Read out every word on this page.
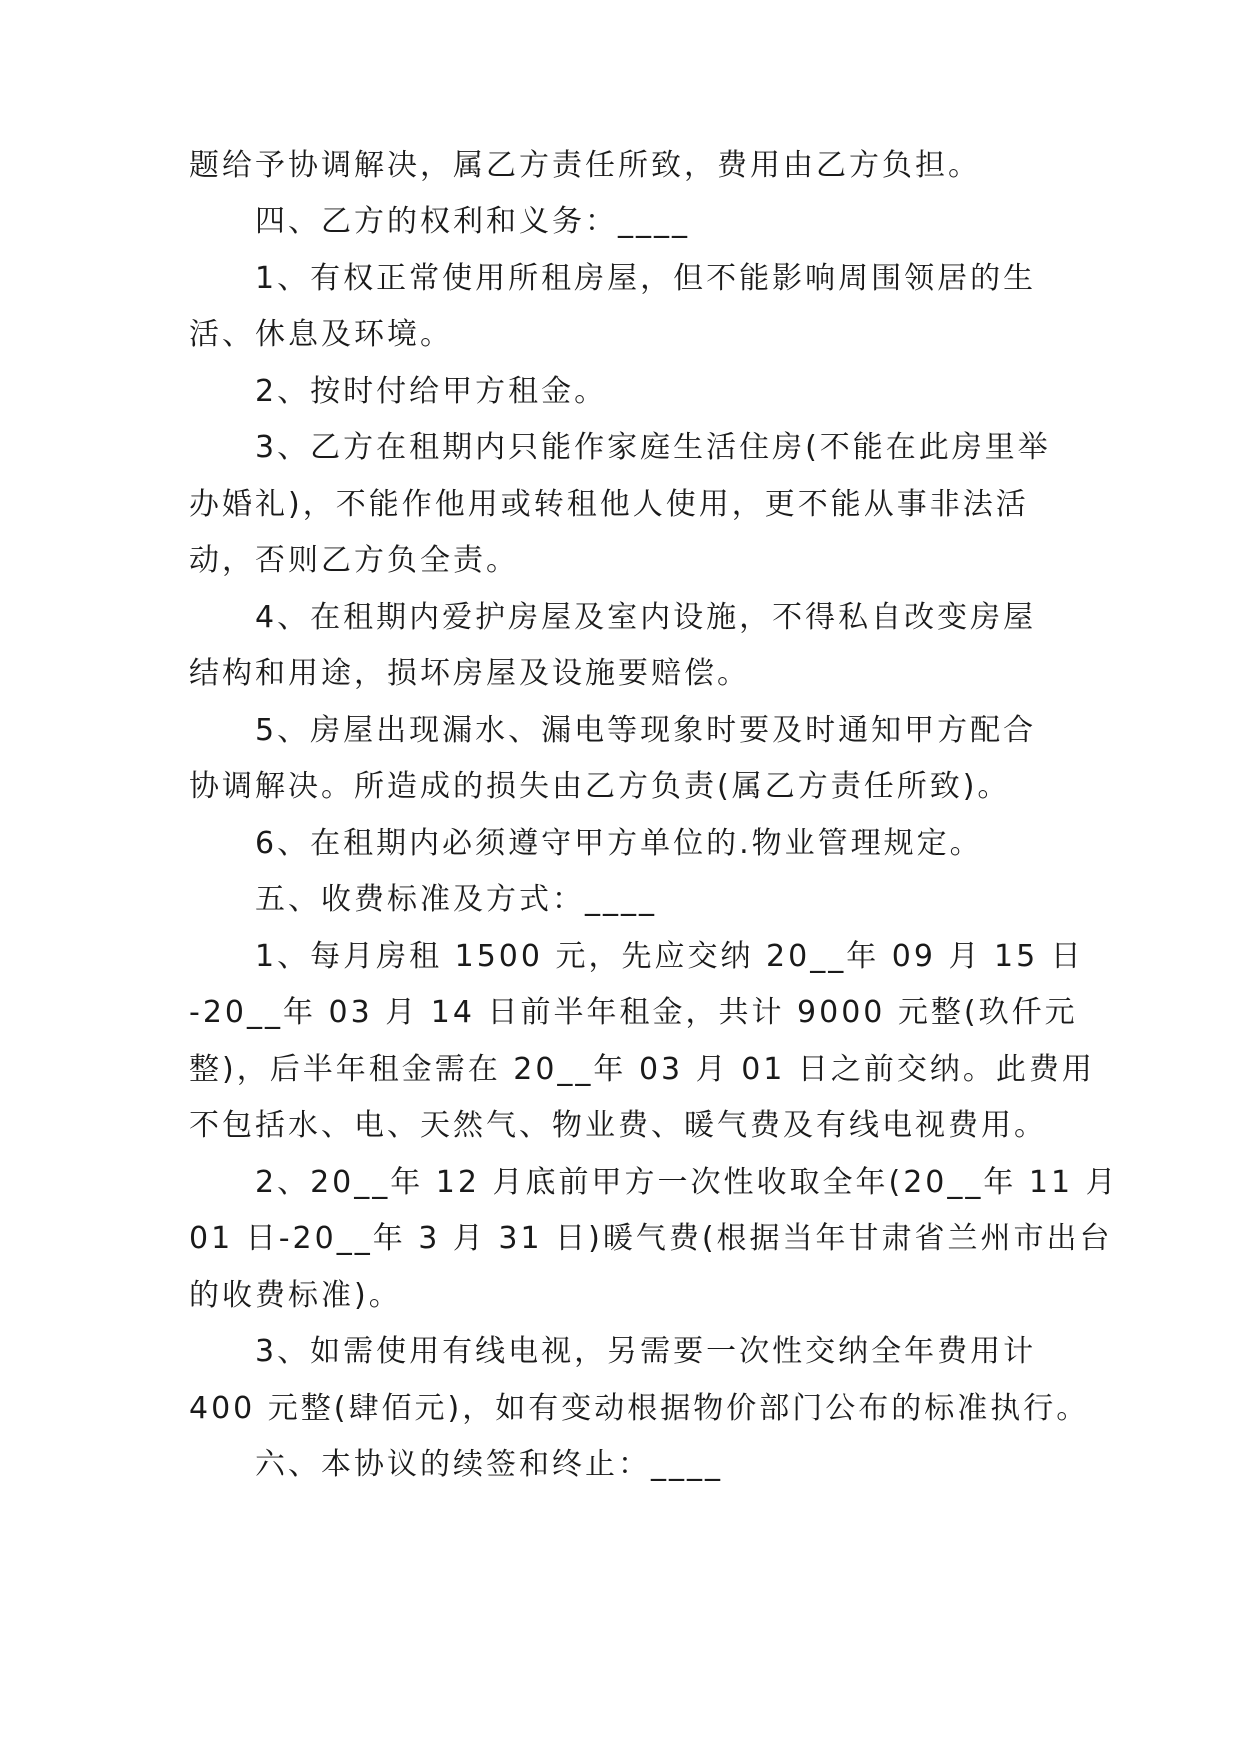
题给予协调解决，属乙方责任所致，费用由乙方负担。
四、乙方的权利和义务：____
1、有权正常使用所租房屋，但不能影响周围领居的生
活、休息及环境。
2、按时付给甲方租金。
3、乙方在租期内只能作家庭生活住房(不能在此房里举
办婚礼)，不能作他用或转租他人使用，更不能从事非法活
动，否则乙方负全责。
4、在租期内爱护房屋及室内设施，不得私自改变房屋
结构和用途，损坏房屋及设施要赔偿。
5、房屋出现漏水、漏电等现象时要及时通知甲方配合
协调解决。所造成的损失由乙方负责(属乙方责任所致)。
6、在租期内必须遵守甲方单位的.物业管理规定。
五、收费标准及方式：____
1、每月房租 1500 元，先应交纳 20__年 09 月 15 日
-20__年 03 月 14 日前半年租金，共计 9000 元整(玖仟元
整)，后半年租金需在 20__年 03 月 01 日之前交纳。此费用
不包括水、电、天然气、物业费、暖气费及有线电视费用。
2、20__年 12 月底前甲方一次性收取全年(20__年 11 月
01 日-20__年 3 月 31 日)暖气费(根据当年甘肃省兰州市出台
的收费标准)。
3、如需使用有线电视，另需要一次性交纳全年费用计
400 元整(肆佰元)，如有变动根据物价部门公布的标准执行。
六、本协议的续签和终止：____
